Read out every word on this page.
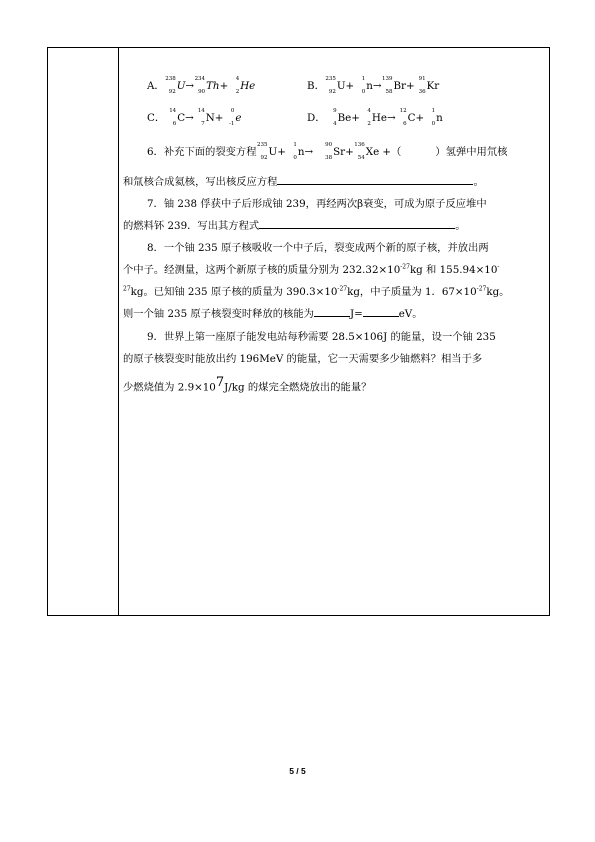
A．
238
92 U→
234
90 Th+
4
2 He	B．
235
92 U+
1
0 n→
139
58 Br+
91
36 Kr
C．
14
6 C→
14
7 N+
0
-1 e	D．
9
4 Be+
4
2 He→
12
6 C+
1
0 n
6．补充下面的裂变方程
235
92 U+
1
0 n→
90
38 Sr+
136
54 Xe +（	）氢弹中用氘核
和氚核合成氦核，写出核反应方程	。
7．铀 238 俘获中子后形成铀 239，再经两次β衰变，可成为原子反应堆中
的燃料钚 239．写出其方程式	。
8．一个铀 235 原子核吸收一个中子后，裂变成两个新的原子核，并放出两
个中子。经测量，这两个新原子核的质量分别为 $232.32\times 10^{-27}kg$ 和 155.94×10-
$^{27}$kg。已知铀 235 原子核的质量为 $390.3\times 10^{-27}kg$，中子质量为 1．$67\times 10^{-27}kg$。
则一个铀 235 原子核裂变时释放的核能为	J=	eV。
9．世界上第一座原子能发电站每秒需要 28.5×106J 的能量，设一个铀 235
的原子核裂变时能放出约 196MeV 的能量，它一天需要多少铀燃料？相当于多
少燃烧值为 2.9×107J/kg 的煤完全燃烧放出的能量？
5 / 5
